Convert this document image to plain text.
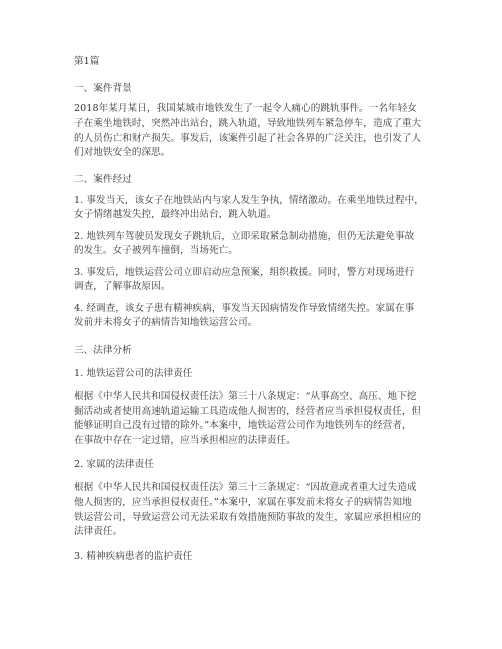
第1篇
一、案件背景
2018年某月某日，我国某城市地铁发生了一起令人痛心的跳轨事件。一名年轻女
子在乘坐地铁时，突然冲出站台，跳入轨道，导致地铁列车紧急停车，造成了重大
的人员伤亡和财产损失。事发后，该案件引起了社会各界的广泛关注，也引发了人
们对地铁安全的深思。
二、案件经过
1. 事发当天，该女子在地铁站内与家人发生争执，情绪激动。在乘坐地铁过程中，
女子情绪越发失控，最终冲出站台，跳入轨道。
2. 地铁列车驾驶员发现女子跳轨后，立即采取紧急制动措施，但仍无法避免事故
的发生。女子被列车撞倒，当场死亡。
3. 事发后，地铁运营公司立即启动应急预案，组织救援。同时，警方对现场进行
调查，了解事故原因。
4. 经调查，该女子患有精神疾病，事发当天因病情发作导致情绪失控。家属在事
发前并未将女子的病情告知地铁运营公司。
三、法律分析
1. 地铁运营公司的法律责任
根据《中华人民共和国侵权责任法》第三十八条规定：“从事高空、高压、地下挖
掘活动或者使用高速轨道运输工具造成他人损害的，经营者应当承担侵权责任，但
能够证明自己没有过错的除外。”本案中，地铁运营公司作为地铁列车的经营者，
在事故中存在一定过错，应当承担相应的法律责任。
2. 家属的法律责任
根据《中华人民共和国侵权责任法》第三十三条规定：“因故意或者重大过失造成
他人损害的，应当承担侵权责任。”本案中，家属在事发前未将女子的病情告知地
铁运营公司，导致运营公司无法采取有效措施预防事故的发生，家属应承担相应的
法律责任。
3. 精神疾病患者的监护责任
